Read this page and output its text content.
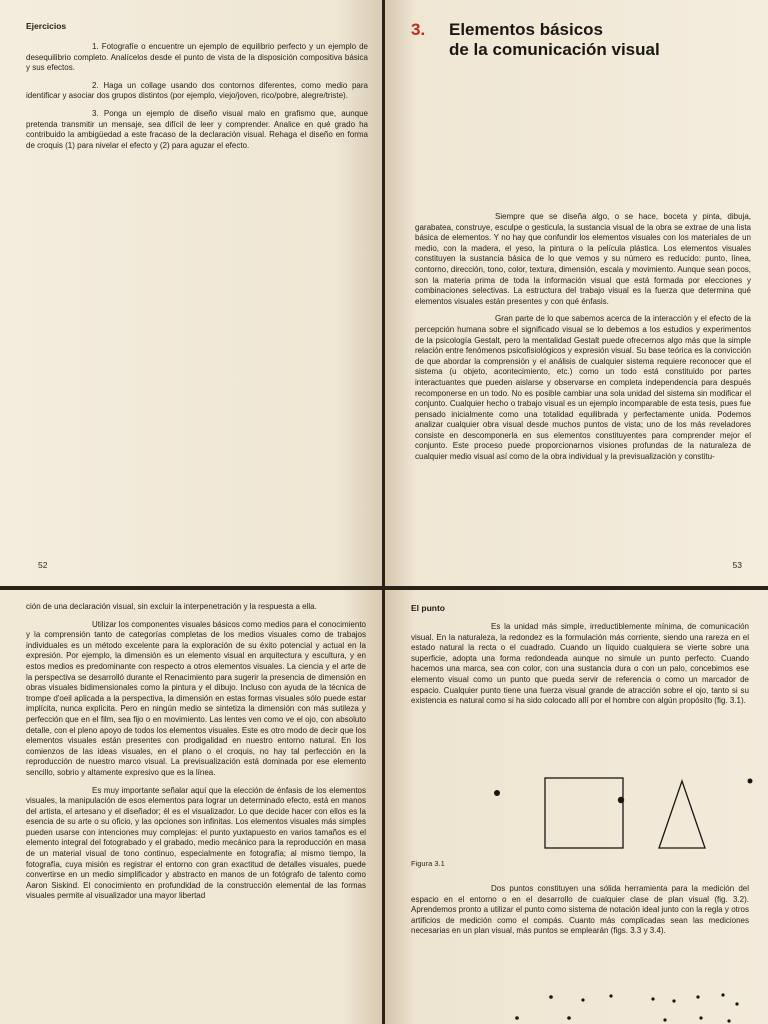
Ejercicios

1. Fotografíe o encuentre un ejemplo de equilibrio perfecto y un ejemplo de desequilibrio completo. Analícelos desde el punto de vista de la disposición compositiva básica y sus efectos.

2. Haga un collage usando dos contornos diferentes, como medio para identificar y asociar dos grupos distintos (por ejemplo, viejo/joven, rico/pobre, alegre/triste).

3. Ponga un ejemplo de diseño visual malo en grafismo que, aunque pretenda transmitir un mensaje, sea difícil de leer y comprender. Analice en qué grado ha contribuido la ambigüedad a este fracaso de la declaración visual. Rehaga el diseño en forma de croquis (1) para nivelar el efecto y (2) para aguzar el efecto.

52
3. Elementos básicos
de la comunicación visual

Siempre que se diseña algo, o se hace, boceta y pinta, dibuja, garabatea, construye, esculpe o gesticula, la sustancia visual de la obra se extrae de una lista básica de elementos. Y no hay que confundir los elementos visuales con los materiales de un medio, con la madera, el yeso, la pintura o la película plástica. Los elementos visuales constituyen la sustancia básica de lo que vemos y su número es reducido: punto, línea, contorno, dirección, tono, color, textura, dimensión, escala y movimiento. Aunque sean pocos, son la materia prima de toda la información visual que está formada por elecciones y combinaciones selectivas. La estructura del trabajo visual es la fuerza que determina qué elementos visuales están presentes y con qué énfasis.

Gran parte de lo que sabemos acerca de la interacción y el efecto de la percepción humana sobre el significado visual se lo debemos a los estudios y experimentos de la psicología Gestalt, pero la mentalidad Gestalt puede ofrecernos algo más que la simple relación entre fenómenos psicofisiológicos y expresión visual. Su base teórica es la convicción de que abordar la comprensión y el análisis de cualquier sistema requiere reconocer que el sistema (u objeto, acontecimiento, etc.) como un todo está constituido por partes interactuantes que pueden aislarse y observarse en completa independencia para después recomponerse en un todo. No es posible cambiar una sola unidad del sistema sin modificar el conjunto. Cualquier hecho o trabajo visual es un ejemplo incomparable de esta tesis, pues fue pensado inicialmente como una totalidad equilibrada y perfectamente unida. Podemos analizar cualquier obra visual desde muchos puntos de vista; uno de los más reveladores consiste en descomponerla en sus elementos constituyentes para comprender mejor el conjunto. Este proceso puede proporcionarnos visiones profundas de la naturaleza de cualquier medio visual así como de la obra individual y la previsualización y constitu-

53

ción de una declaración visual, sin excluir la interpenetración y la respuesta a ella.

Utilizar los componentes visuales básicos como medios para el conocimiento y la comprensión tanto de categorías completas de los medios visuales como de trabajos individuales es un método excelente para la exploración de su éxito potencial y actual en la expresión. Por ejemplo, la dimensión es un elemento visual en arquitectura y escultura, y en estos medios es predominante con respecto a otros elementos visuales. La ciencia y el arte de la perspectiva se desarrolló durante el Renacimiento para sugerir la presencia de dimensión en obras visuales bidimensionales como la pintura y el dibujo. Incluso con ayuda de la técnica de trompe d'oeil aplicada a la perspectiva, la dimensión en estas formas visuales sólo puede estar implícita, nunca explícita. Pero en ningún medio se sintetiza la dimensión con más sutileza y perfección que en el film, sea fijo o en movimiento. Las lentes ven como ve el ojo, con absoluto detalle, con el pleno apoyo de todos los elementos visuales. Este es otro modo de decir que los elementos visuales están presentes con prodigalidad en nuestro entorno natural. En los comienzos de las ideas visuales, en el plano o el croquis, no hay tal perfección en la reproducción de nuestro marco visual. La previsualización está dominada por ese elemento sencillo, sobrio y altamente expresivo que es la línea.

Es muy importante señalar aquí que la elección de énfasis de los elementos visuales, la manipulación de esos elementos para lograr un determinado efecto, está en manos del artista, el artesano y el diseñador; él es el visualizador. Lo que decide hacer con ellos es la esencia de su arte o su oficio, y las opciones son infinitas. Los elementos visuales más simples pueden usarse con intenciones muy complejas: el punto yuxtapuesto en varios tamaños es el elemento integral del fotograbado y el grabado, medio mecánico para la reproducción en masa de un material visual de tono continuo, especialmente en fotografía; al mismo tiempo, la fotografía, cuya misión es registrar el entorno con gran exactitud de detalles visuales, puede convertirse en un medio simplificador y abstracto en manos de un fotógrafo de talento como Aaron Siskind. El conocimiento en profundidad de la construcción elemental de las formas visuales permite al visualizador una mayor libertad

El punto

Es la unidad más simple, irreductiblemente mínima, de comunicación visual. En la naturaleza, la redondez es la formulación más corriente, siendo una rareza en el estado natural la recta o el cuadrado. Cuando un líquido cualquiera se vierte sobre una superficie, adopta una forma redondeada aunque no simule un punto perfecto. Cuando hacemos una marca, sea con color, con una sustancia dura o con un palo, concebimos ese elemento visual como un punto que pueda servir de referencia o como un marcador de espacio. Cualquier punto tiene una fuerza visual grande de atracción sobre el ojo, tanto si su existencia es natural como si ha sido colocado allí por el hombre con algún propósito (fig. 3.1).

Figura 3.1

Dos puntos constituyen una sólida herramienta para la medición del espacio en el entorno o en el desarrollo de cualquier clase de plan visual (fig. 3.2). Aprendemos pronto a utilizar el punto como sistema de notación ideal junto con la regla y otros artificios de medición como el compás. Cuanto más complicadas sean las mediciones necesarias en un plan visual, más puntos se emplearán (figs. 3.3 y 3.4).
